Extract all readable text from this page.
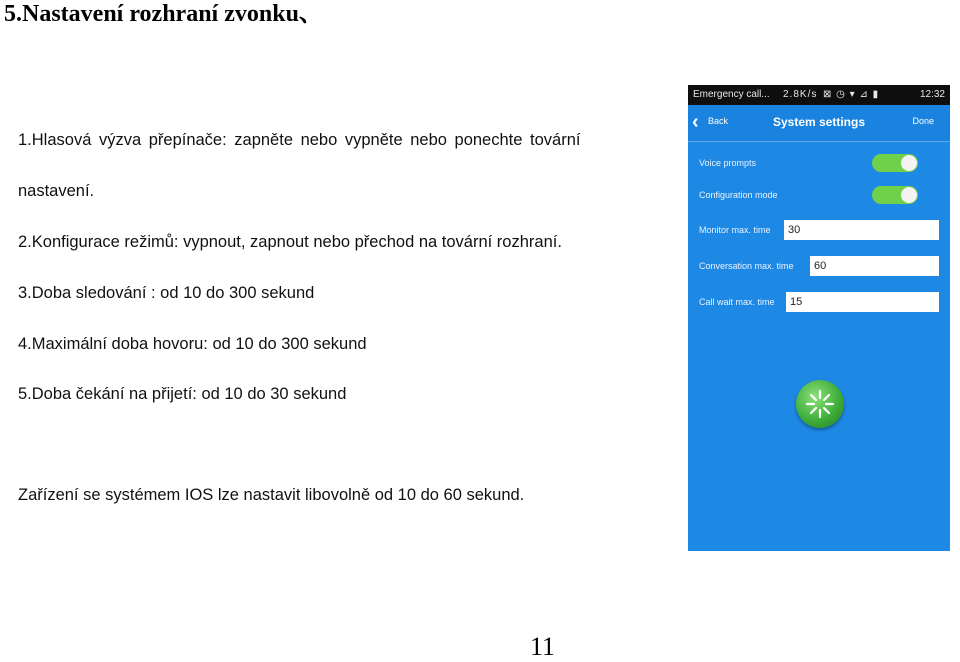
5.Nastavení rozhraní zvonku、
1.Hlasová výzva přepínače: zapněte nebo vypněte nebo ponechte tovární
nastavení.
2.Konfigurace režimů: vypnout, zapnout nebo přechod na tovární rozhraní.
3.Doba sledování : od 10 do 300 sekund
4.Maximální doba hovoru: od 10 do 300 sekund
5.Doba čekání na přijetí: od 10 do 30 sekund
Zařízení se systémem IOS lze nastavit libovolně od 10 do 60 sekund.
11
Emergency call... 2.8K/s ⊠ ◷ ▾ ⊿ ▮	12:32
‹ Back	System settings	Done
Voice prompts
Configuration mode
Monitor max. time	30
Conversation max. time	60
Call wait max. time	15
